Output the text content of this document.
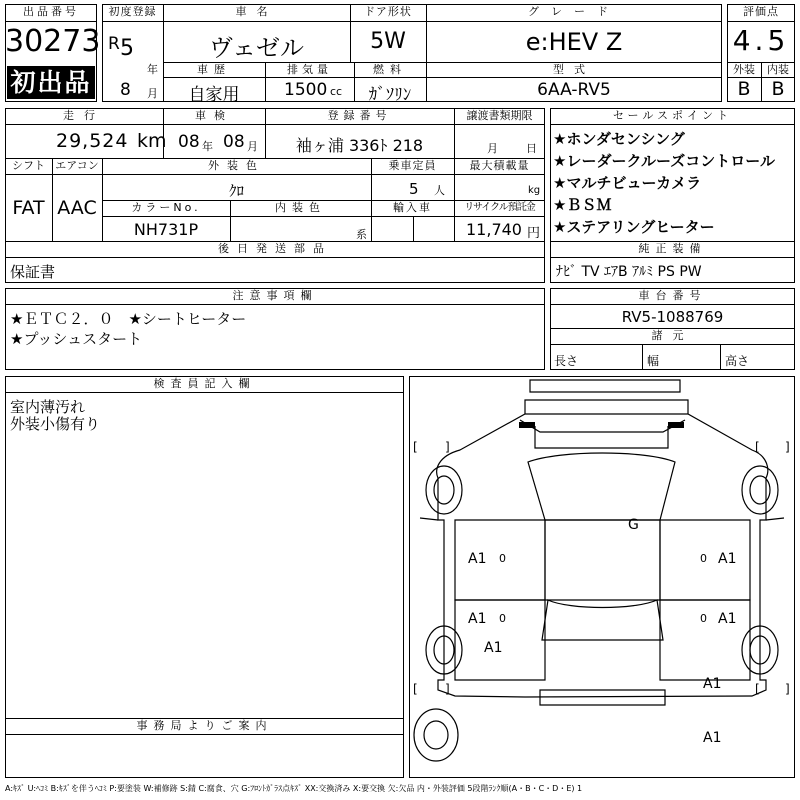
出品番号
30273
初出品
初度登録
R 5
年
8 月
車名
ヴェゼル
ドア形状
5W
グレード
e:HEV Z
車歴
自家用
排気量
1500 cc
燃料
ｶﾞｿﾘﾝ
型式
6AA-RV5
評価点
4.5
外装	内装
B	B
走行
29,524 km
車検
08 年 08 月
登録番号
袖ヶ浦 336ﾄ 218
譲渡書類期限
月	日
シフト
FAT
エアコン
AAC
外装色
ｸﾛ
乗車定員
5 人
最大積載量
kg
カラーNo.
NH731P
内装色
系
輸入車	リサイクル預託金
11,740 円
後日発送部品
保証書
セールスポイント
★ホンダセンシング
★レーダークルーズコントロール
★マルチビューカメラ
★ＢＳＭ
★ステアリングヒーター
純正装備
ﾅﾋﾞ TV ｴｱB ｱﾙﾐ PS PW
注意事項欄
★ＥＴＣ２．０　★シートヒーター
★プッシュスタート
車台番号
RV5-1088769
諸元
長さ	幅	高さ
検査員記入欄
室内薄汚れ
外装小傷有り
事務局よりご案内
[ ]	[ ]
[ ]	[ ]
G
A1	A1
A1	A1
A1
A1
A1
0	0
0	0
A:ｷｽﾞ U:ﾍｺﾐ B:ｷｽﾞを伴うﾍｺﾐ P:要塗装 W:補修跡 S:錆 C:腐食、穴 G:ﾌﾛﾝﾄｶﾞﾗｽ点ｷｽﾞ XX:交換済み X:要交換 欠:欠品 内・外装評価 5段階ﾗﾝｸ順(A・B・C・D・E) 1
